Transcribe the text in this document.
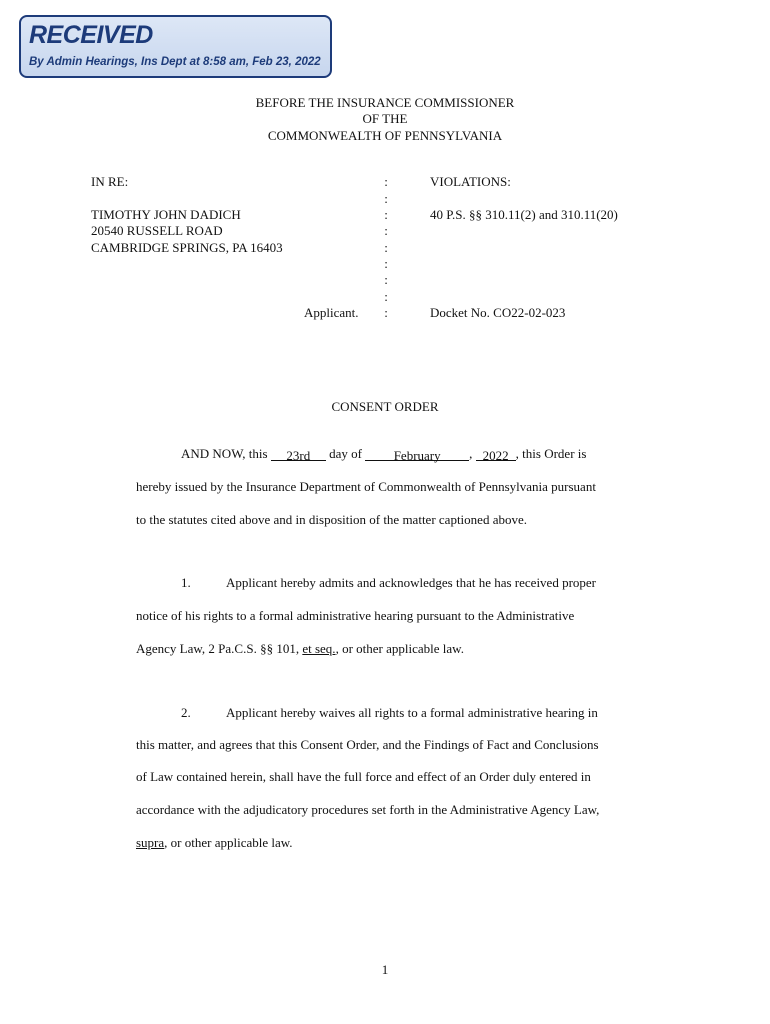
RECEIVED
By Admin Hearings, Ins Dept at 8:58 am, Feb 23, 2022
BEFORE THE INSURANCE COMMISSIONER
OF THE
COMMONWEALTH OF PENNSYLVANIA
IN RE:
TIMOTHY JOHN DADICH
20540 RUSSELL ROAD
CAMBRIDGE SPRINGS, PA 16403
Applicant.
:
:
:
:
:
:
:
:
:
VIOLATIONS:
40 P.S. §§ 310.11(2) and 310.11(20)
Docket No. CO22-02-023
CONSENT ORDER
AND NOW, this 23rd day of February , 2022 , this Order is
hereby issued by the Insurance Department of Commonwealth of Pennsylvania pursuant
to the statutes cited above and in disposition of the matter captioned above.
1.	Applicant hereby admits and acknowledges that he has received proper
notice of his rights to a formal administrative hearing pursuant to the Administrative
Agency Law, 2 Pa.C.S. §§ 101, et seq., or other applicable law.
2.	Applicant hereby waives all rights to a formal administrative hearing in
this matter, and agrees that this Consent Order, and the Findings of Fact and Conclusions
of Law contained herein, shall have the full force and effect of an Order duly entered in
accordance with the adjudicatory procedures set forth in the Administrative Agency Law,
supra, or other applicable law.
1
